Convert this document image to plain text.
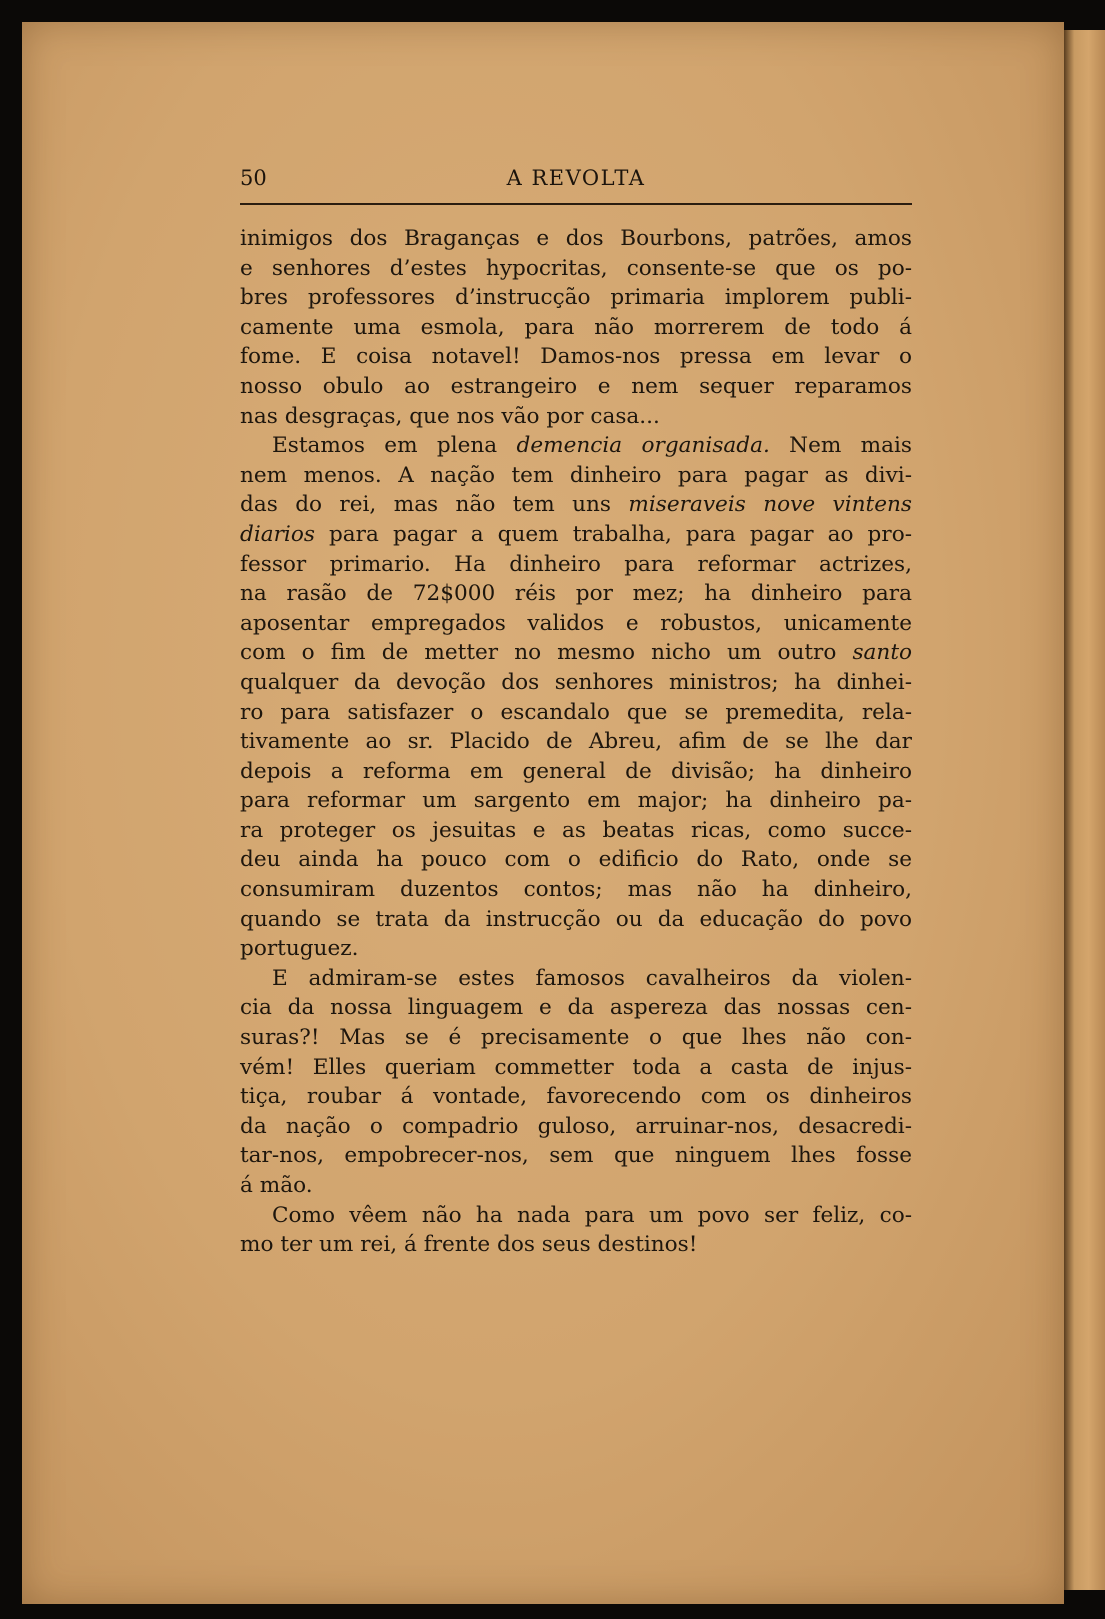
50	A REVOLTA
inimigos dos Braganças e dos Bourbons, patrões, amos
e senhores d’estes hypocritas, consente-se que os po-
bres professores d’instrucção primaria implorem publi-
camente uma esmola, para não morrerem de todo á
fome. E coisa notavel! Damos-nos pressa em levar o
nosso obulo ao estrangeiro e nem sequer reparamos
nas desgraças, que nos vão por casa...
Estamos em plena demencia organisada. Nem mais
nem menos. A nação tem dinheiro para pagar as divi-
das do rei, mas não tem uns miseraveis nove vintens
diarios para pagar a quem trabalha, para pagar ao pro-
fessor primario. Ha dinheiro para reformar actrizes,
na rasão de 72$000 réis por mez; ha dinheiro para
aposentar empregados validos e robustos, unicamente
com o fim de metter no mesmo nicho um outro santo
qualquer da devoção dos senhores ministros; ha dinhei-
ro para satisfazer o escandalo que se premedita, rela-
tivamente ao sr. Placido de Abreu, afim de se lhe dar
depois a reforma em general de divisão; ha dinheiro
para reformar um sargento em major; ha dinheiro pa-
ra proteger os jesuitas e as beatas ricas, como succe-
deu ainda ha pouco com o edificio do Rato, onde se
consumiram duzentos contos; mas não ha dinheiro,
quando se trata da instrucção ou da educação do povo
portuguez.
E admiram-se estes famosos cavalheiros da violen-
cia da nossa linguagem e da aspereza das nossas cen-
suras?! Mas se é precisamente o que lhes não con-
vém! Elles queriam commetter toda a casta de injus-
tiça, roubar á vontade, favorecendo com os dinheiros
da nação o compadrio guloso, arruinar-nos, desacredi-
tar-nos, empobrecer-nos, sem que ninguem lhes fosse
á mão.
Como vêem não ha nada para um povo ser feliz, co-
mo ter um rei, á frente dos seus destinos!
